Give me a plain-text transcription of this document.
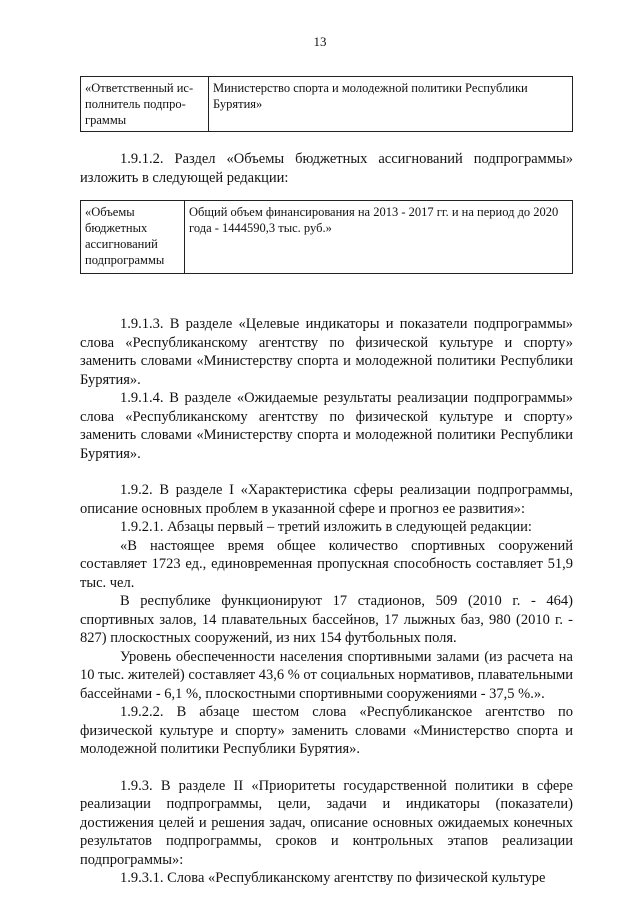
13
«Ответственный ис-полнитель подпро-граммы	Министерство спорта и молодежной политики Республики Бурятия»
«Объемы бюджетных ассигнований подпрограммы	Общий объем финансирования на 2013 - 2017 гг. и на период до 2020 года - 1444590,3 тыс. руб.»

1.9.1.2. Раздел «Объемы бюджетных ассигнований подпрограммы» изложить в следующей редакции:

1.9.1.3. В разделе «Целевые индикаторы и показатели подпрограммы» слова «Республиканскому агентству по физической культуре и спорту» заменить словами «Министерству спорта и молодежной политики Республики Бурятия».

1.9.1.4. В разделе «Ожидаемые результаты реализации подпрограммы» слова «Республиканскому агентству по физической культуре и спорту» заменить словами «Министерству спорта и молодежной политики Республики Бурятия».

1.9.2. В разделе I «Характеристика сферы реализации подпрограммы, описание основных проблем в указанной сфере и прогноз ее развития»:

1.9.2.1. Абзацы первый – третий изложить в следующей редакции:

«В настоящее время общее количество спортивных сооружений составляет 1723 ед., единовременная пропускная способность составляет 51,9 тыс. чел.

В республике функционируют 17 стадионов, 509 (2010 г. - 464) спортивных залов, 14 плавательных бассейнов, 17 лыжных баз, 980 (2010 г. - 827) плоскостных сооружений, из них 154 футбольных поля.

Уровень обеспеченности населения спортивными залами (из расчета на 10 тыс. жителей) составляет 43,6 % от социальных нормативов, плавательными бассейнами - 6,1 %, плоскостными спортивными сооружениями - 37,5 %.».

1.9.2.2. В абзаце шестом слова «Республиканское агентство по физической культуре и спорту» заменить словами «Министерство спорта и молодежной политики Республики Бурятия».

1.9.3. В разделе II «Приоритеты государственной политики в сфере реализации подпрограммы, цели, задачи и индикаторы (показатели) достижения целей и решения задач, описание основных ожидаемых конечных результатов подпрограммы, сроков и контрольных этапов реализации подпрограммы»:

1.9.3.1. Слова «Республиканскому агентству по физической культуре
